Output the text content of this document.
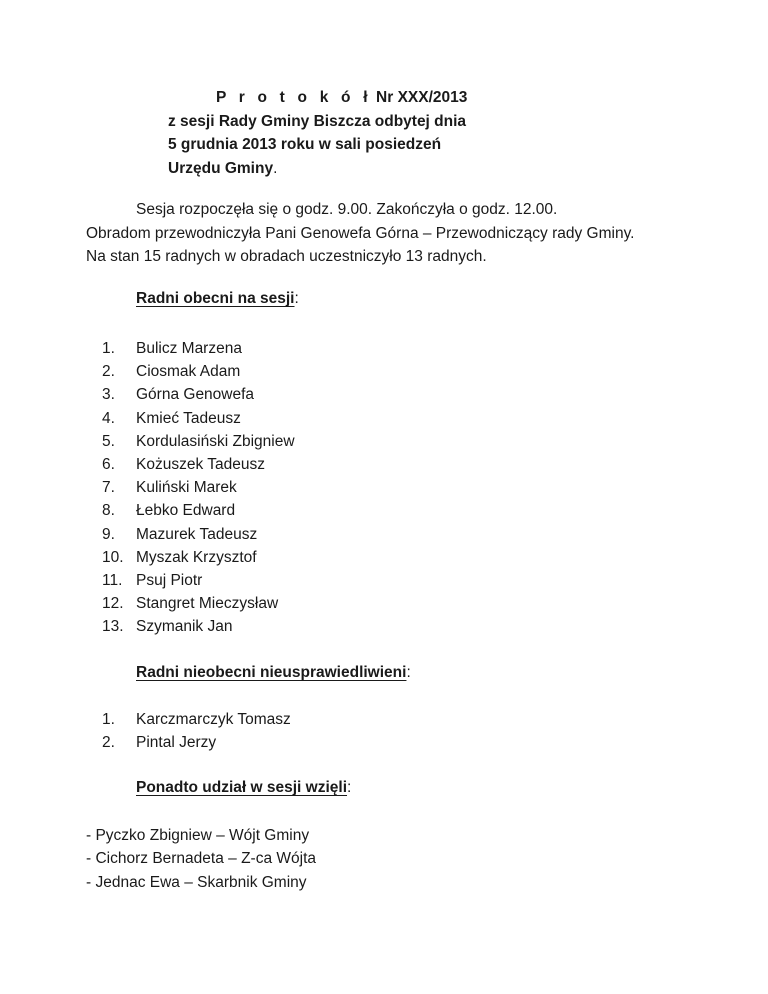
P r o t o k ó ł Nr XXX/2013
z sesji Rady Gminy Biszcza odbytej dnia
5 grudnia 2013 roku w sali posiedzeń
Urzędu Gminy.
Sesja rozpoczęła się o godz. 9.00. Zakończyła o godz. 12.00.
Obradom przewodniczyła Pani Genowefa Górna – Przewodniczący rady Gminy.
Na stan 15 radnych w obradach uczestniczyło 13 radnych.
Radni obecni na sesji:
1.	Bulicz Marzena
2.	Ciosmak Adam
3.	Górna Genowefa
4.	Kmieć Tadeusz
5.	Kordulasiński Zbigniew
6.	Kożuszek Tadeusz
7.	Kuliński Marek
8.	Łebko Edward
9.	Mazurek Tadeusz
10. Myszak Krzysztof
11. Psuj Piotr
12. Stangret Mieczysław
13. Szymanik Jan
Radni nieobecni nieusprawiedliwieni:
1.	Karczmarczyk Tomasz
2.	Pintal Jerzy
Ponadto udział w sesji wzięli:
- Pyczko Zbigniew – Wójt Gminy
- Cichorz Bernadeta – Z-ca Wójta
- Jednac Ewa – Skarbnik Gminy
